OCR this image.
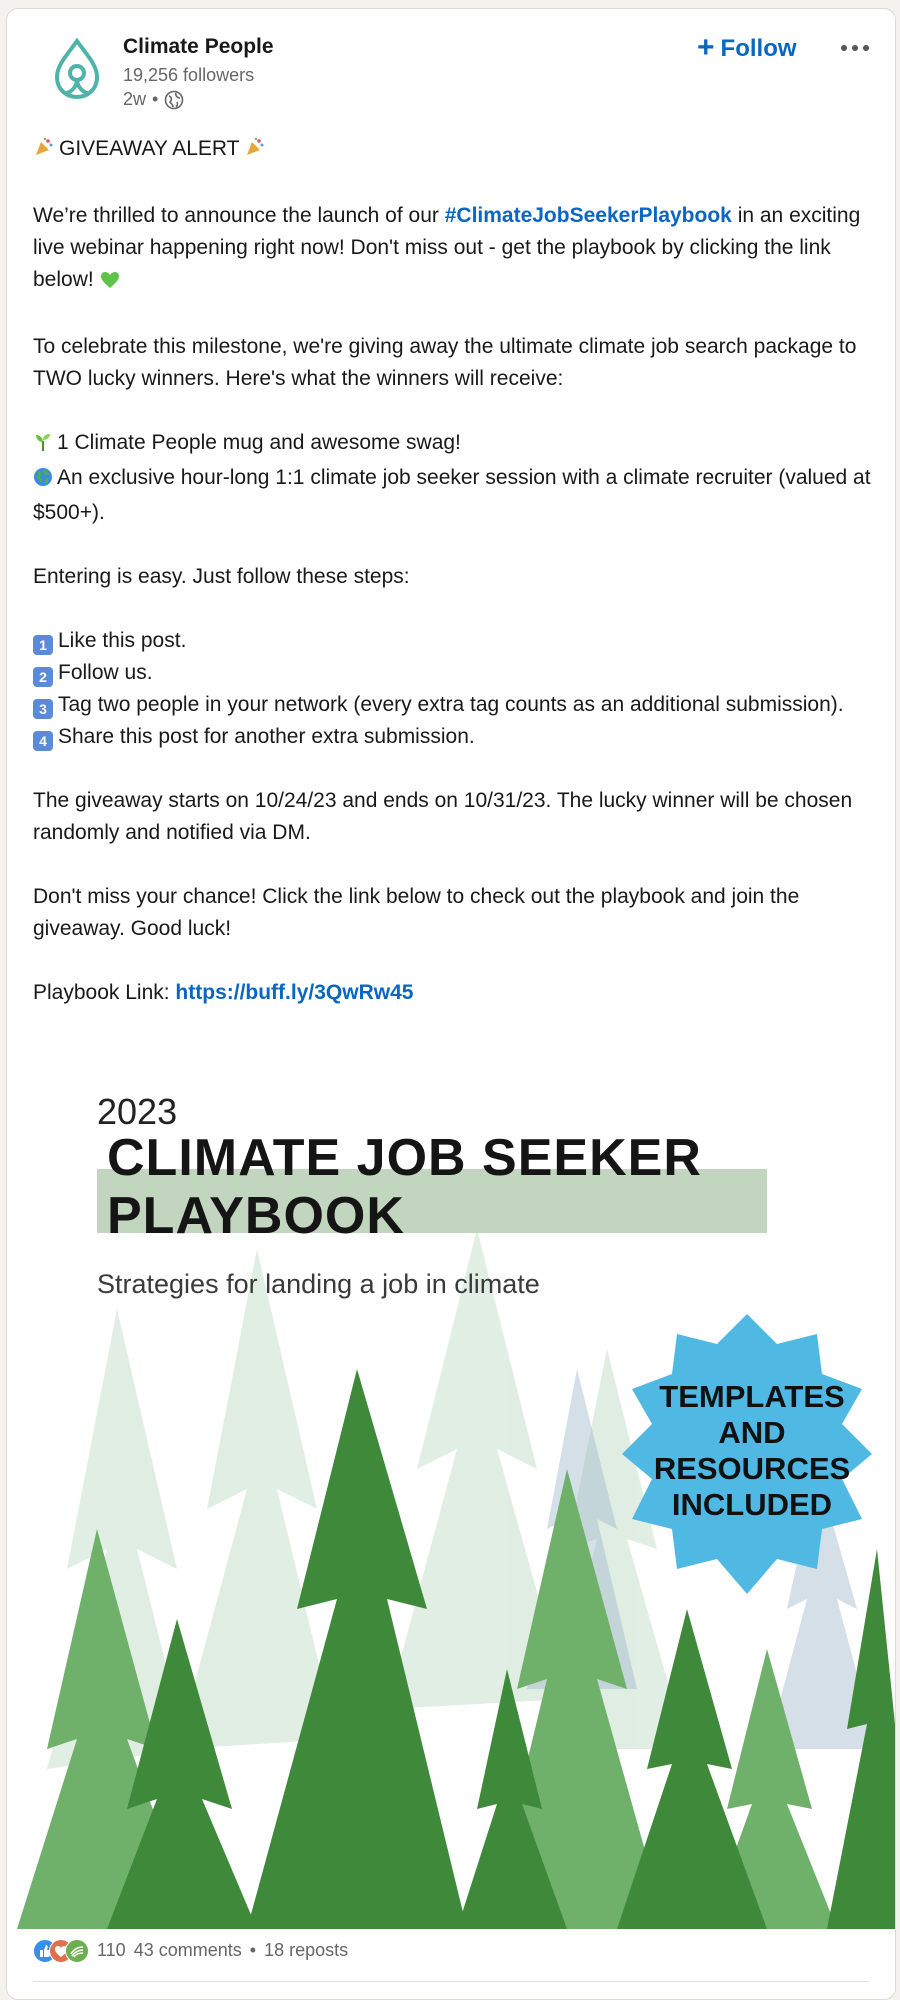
Climate People
19,256 followers
2w •
+ Follow

GIVEAWAY ALERT

We’re thrilled to announce the launch of our #ClimateJobSeekerPlaybook in an exciting live webinar happening right now! Don't miss out - get the playbook by clicking the link below!

To celebrate this milestone, we're giving away the ultimate climate job search package to TWO lucky winners. Here's what the winners will receive:

1 Climate People mug and awesome swag!

An exclusive hour-long 1:1 climate job seeker session with a climate recruiter (valued at $500+).

Entering is easy. Just follow these steps:

1 Like this post.

2 Follow us.

3 Tag two people in your network (every extra tag counts as an additional submission).

4 Share this post for another extra submission.

The giveaway starts on 10/24/23 and ends on 10/31/23. The lucky winner will be chosen randomly and notified via DM.

Don't miss your chance! Click the link below to check out the playbook and join the giveaway. Good luck!

Playbook Link: https://buff.ly/3QwRw45

2023
CLIMATE JOB SEEKER
PLAYBOOK
Strategies for landing a job in climate
TEMPLATES
AND
RESOURCES
INCLUDED
110 43 comments • 18 reposts
